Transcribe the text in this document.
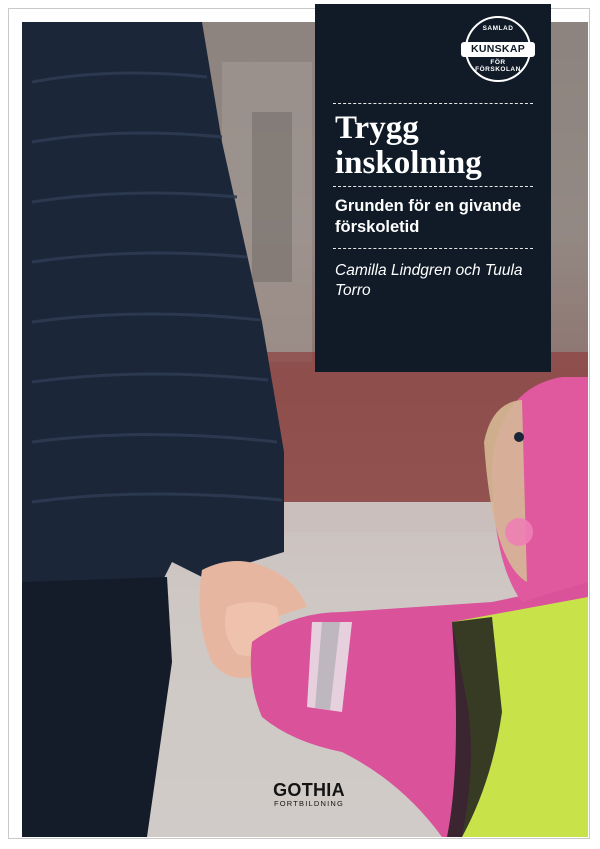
GOTHIA
FORTBILDNING
SAMLAD
KUNSKAP
FÖR FÖRSKOLAN
Trygg inskolning
Grunden för en givande förskoletid
Camilla Lindgren och Tuula Torro
